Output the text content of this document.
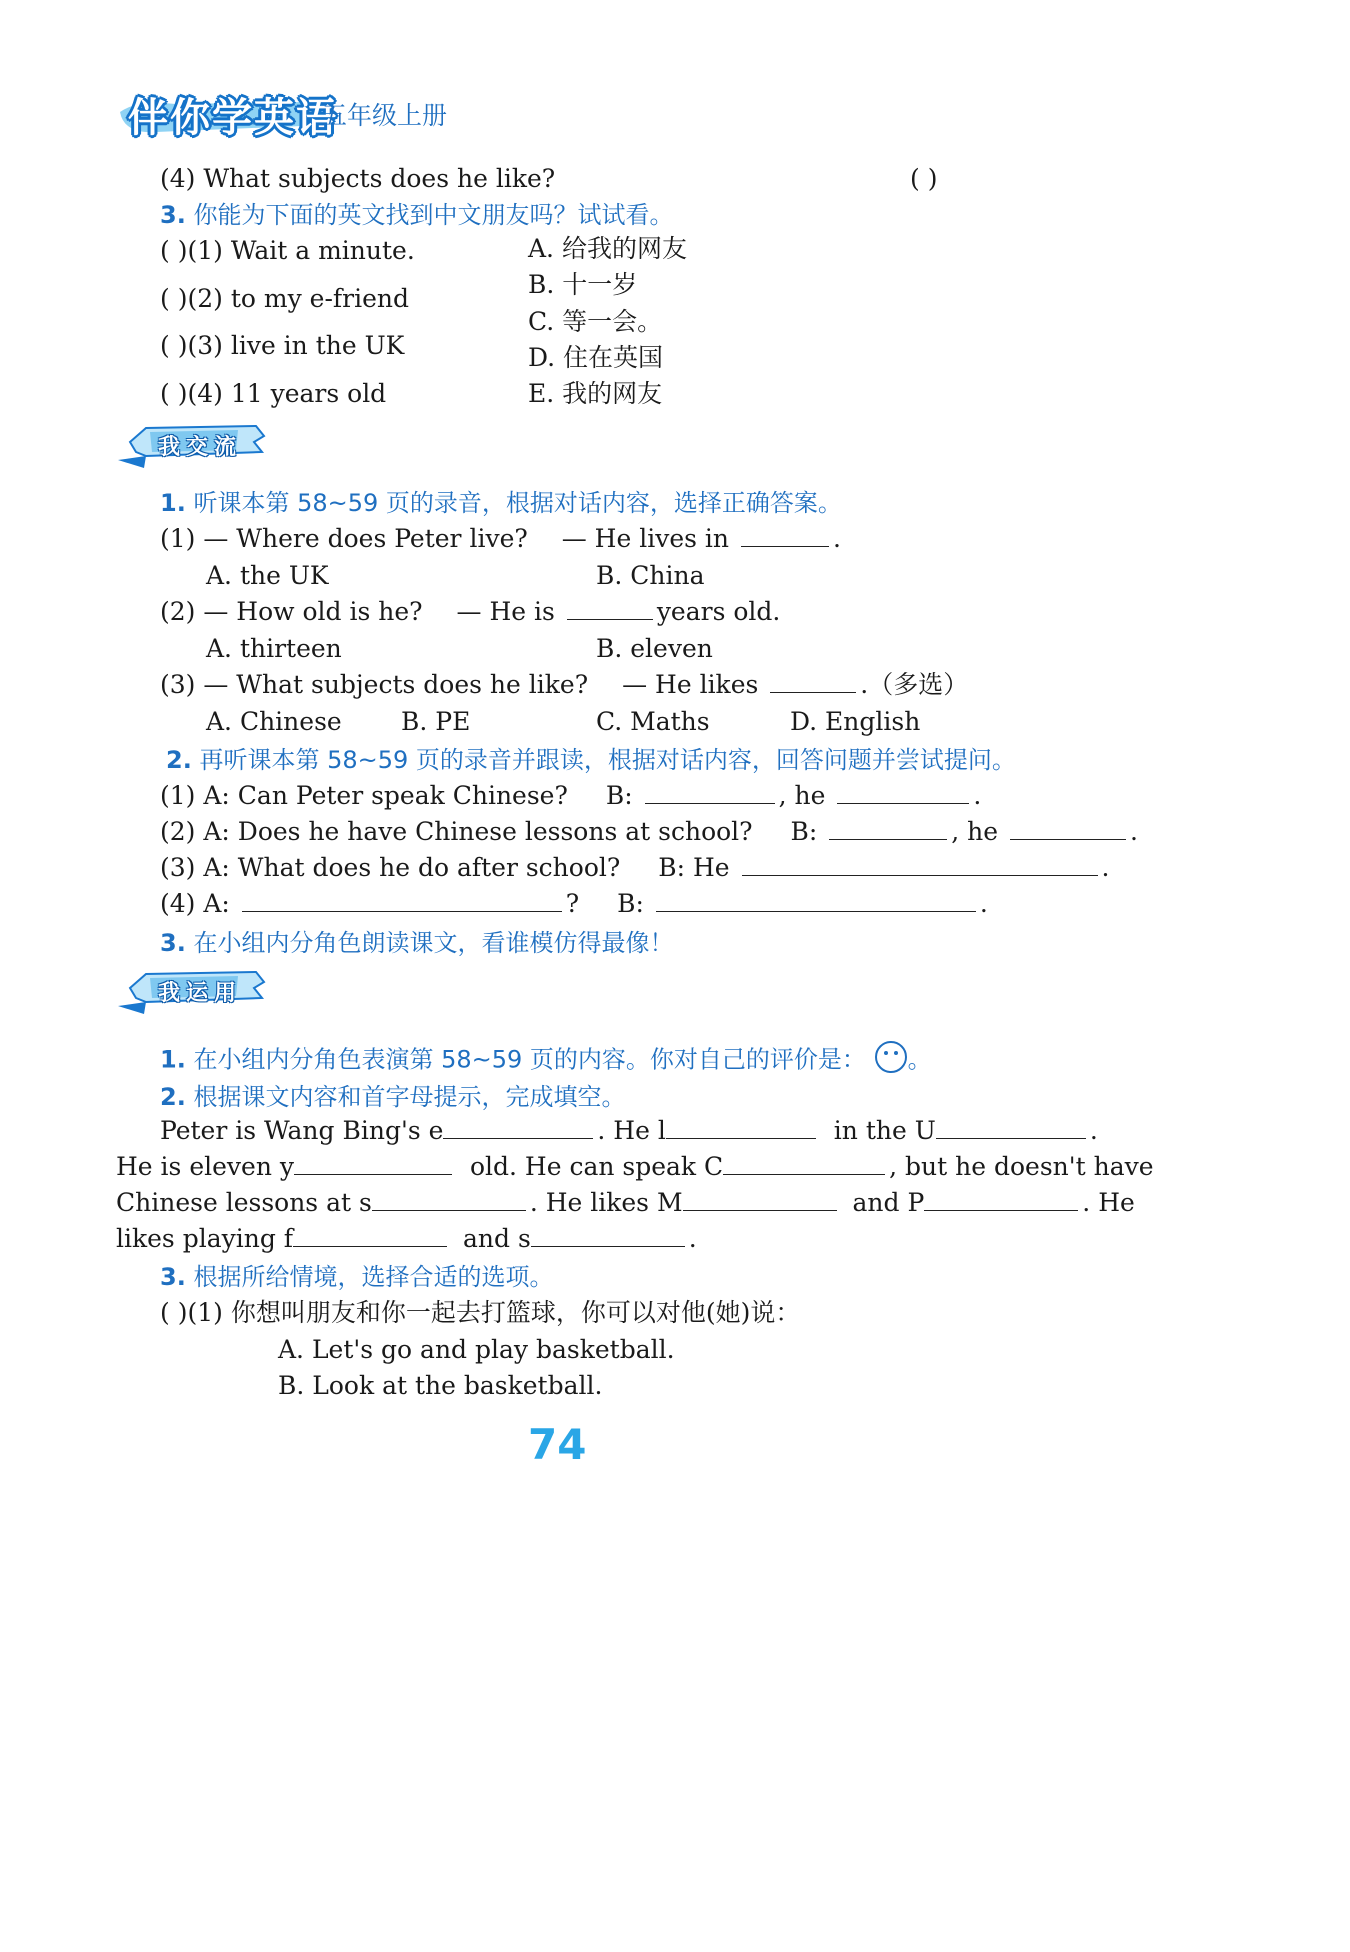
伴你学英语
五年级上册
(4) What subjects does he like?	( )
3. 你能为下面的英文找到中文朋友吗？试试看。
( )(1) Wait a minute.
( )(2) to my e-friend
( )(3) live in the UK
( )(4) 11 years old
A. 给我的网友
B. 十一岁
C. 等一会。
D. 住在英国
E. 我的网友
我交流
1. 听课本第 58~59 页的录音，根据对话内容，选择正确答案。
(1) — Where does Peter live? — He lives in	.
A. the UK	B. China
(2) — How old is he? — He is	years old.
A. thirteen	B. eleven
(3) — What subjects does he like? — He likes	.（多选）
A. Chinese B. PE	C. Maths	D. English
2. 再听课本第 58~59 页的录音并跟读，根据对话内容，回答问题并尝试提问。
(1) A: Can Peter speak Chinese? B:	, he	.
(2) A: Does he have Chinese lessons at school? B:	, he	.
(3) A: What does he do after school? B: He	.
(4) A:	? B:	.
3. 在小组内分角色朗读课文，看谁模仿得最像！
我运用
1. 在小组内分角色表演第 58~59 页的内容。你对自己的评价是： 。
2. 根据课文内容和首字母提示，完成填空。
Peter is Wang Bing's e	. He l	in the U	.
He is eleven y	old. He can speak C	, but he doesn't have
Chinese lessons at s	. He likes M	and P	. He
likes playing f	and s	.
3. 根据所给情境，选择合适的选项。
( )(1) 你想叫朋友和你一起去打篮球，你可以对他(她)说：
A. Let's go and play basketball.
B. Look at the basketball.
74
